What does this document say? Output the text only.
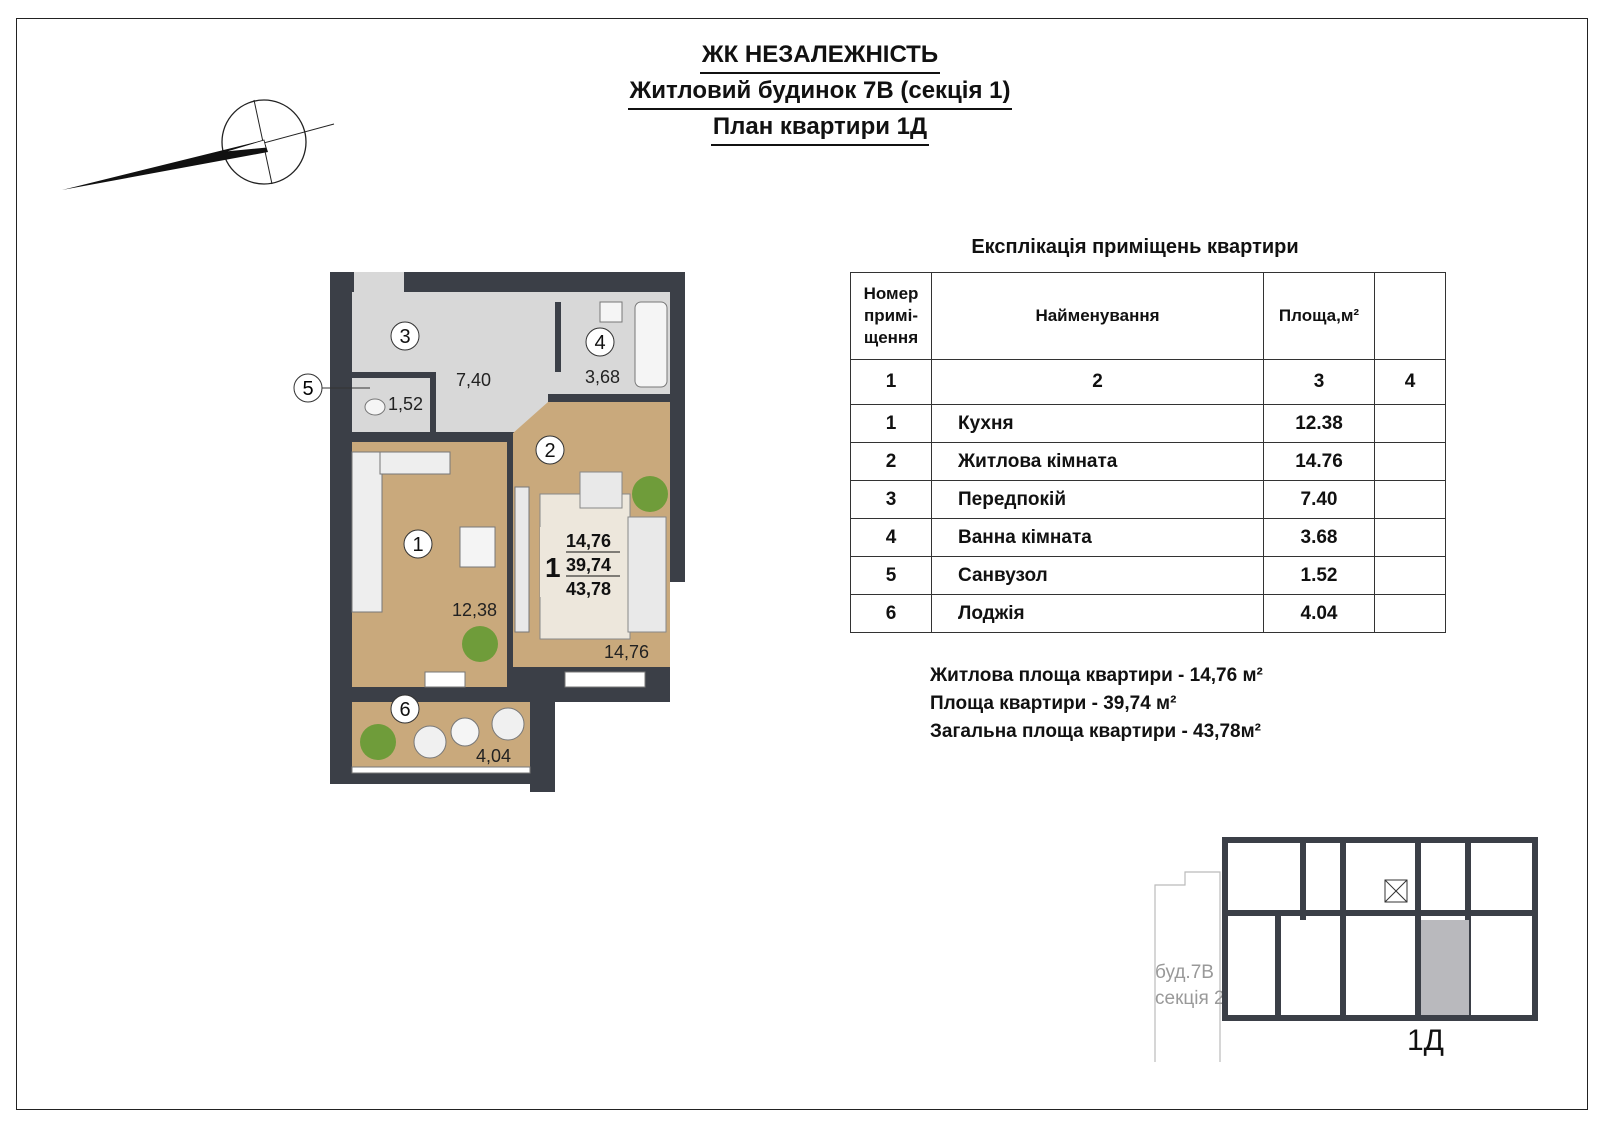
ЖК НЕЗАЛЕЖНІСТЬ
Житловий будинок 7В (секція 1)
План квартири 1Д
3	4
2
1
6
7,40	3,68
1,52
12,38
14,76
4,04
1
14,76
39,74
43,78
5
Експлікація приміщень квартири
Номер
примі-
щення	Найменування	Площа,м²	
1	2	3	4
1	Кухня	12.38	
2	Житлова кімната	14.76	
3	Передпокій	7.40	
4	Ванна кімната	3.68	
5	Санвузол	1.52	
6	Лоджія	4.04	
Житлова площа квартири - 14,76 м²
Площа квартири - 39,74 м²
Загальна площа квартири - 43,78м²
буд.7В
секція 2
1Д
